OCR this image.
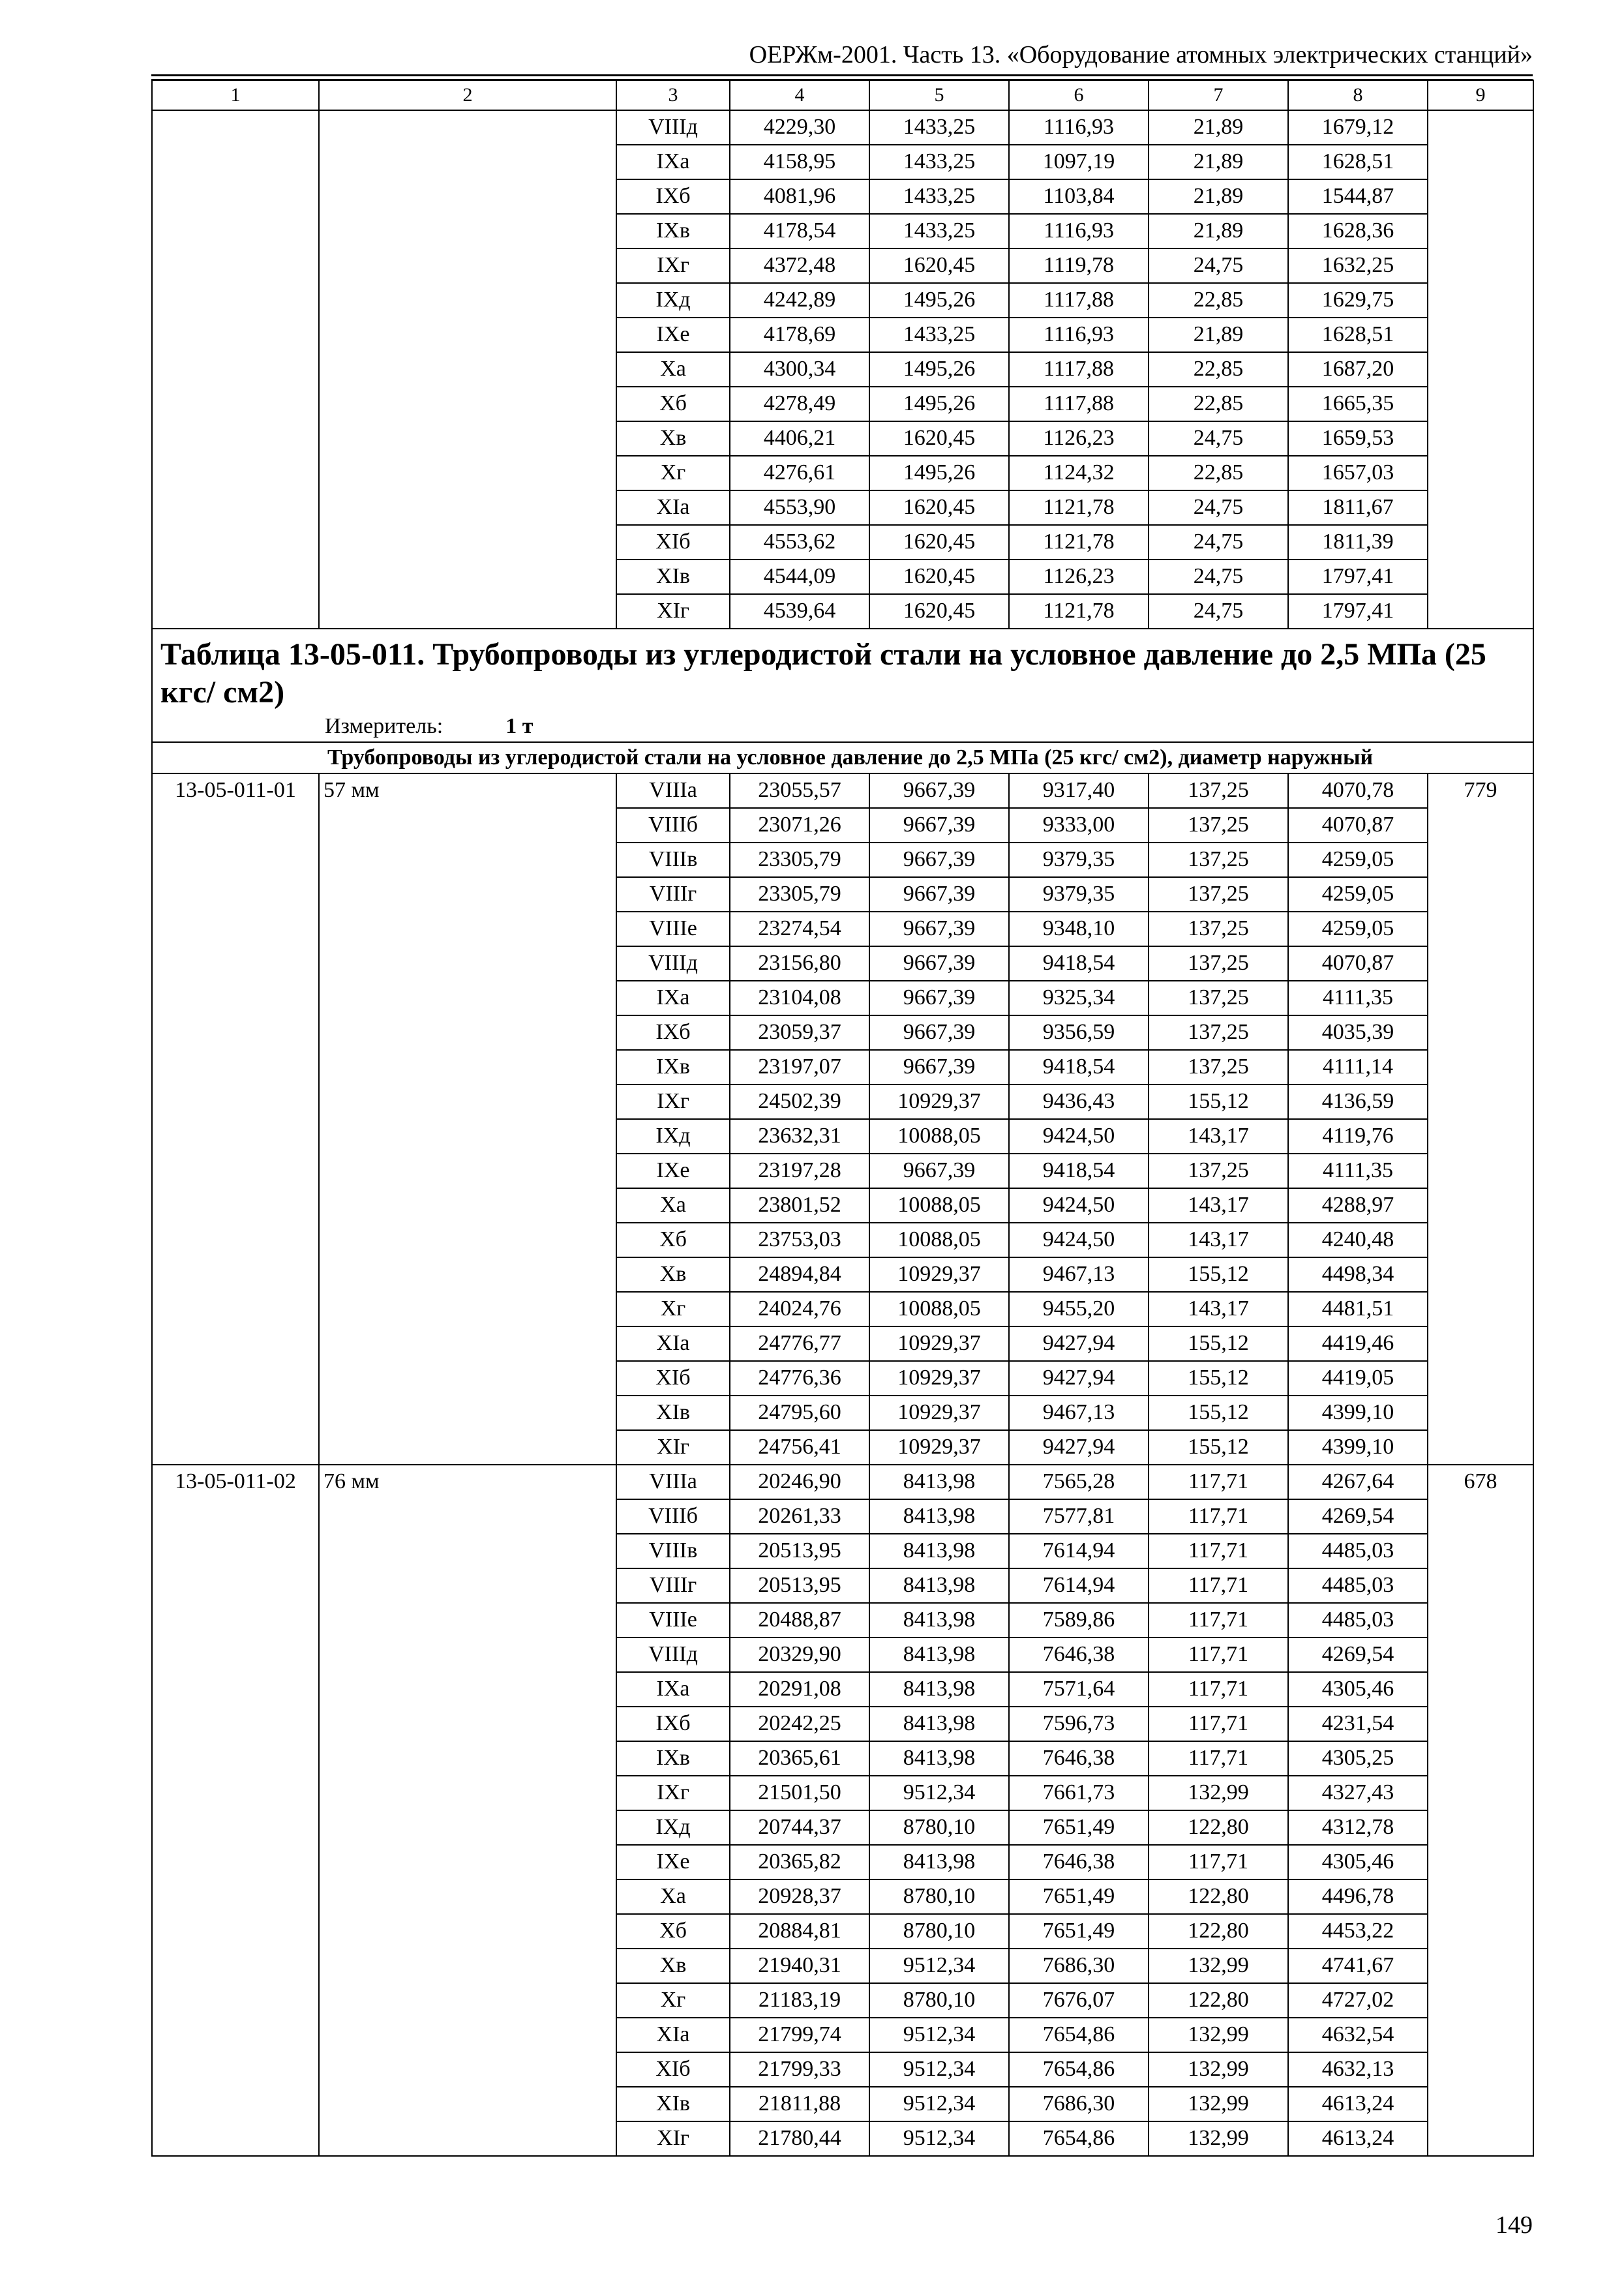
ОЕРЖм-2001. Часть 13. «Оборудование атомных электрических станций»
1	2	3	4	5	6	7	8	9
		VIIIд	4229,30	1433,25	1116,93	21,89	1679,12	
		IXа	4158,95	1433,25	1097,19	21,89	1628,51	
		IXб	4081,96	1433,25	1103,84	21,89	1544,87	
		IXв	4178,54	1433,25	1116,93	21,89	1628,36	
		IXг	4372,48	1620,45	1119,78	24,75	1632,25	
		IXд	4242,89	1495,26	1117,88	22,85	1629,75	
		IXе	4178,69	1433,25	1116,93	21,89	1628,51	
		Xа	4300,34	1495,26	1117,88	22,85	1687,20	
		Xб	4278,49	1495,26	1117,88	22,85	1665,35	
		Xв	4406,21	1620,45	1126,23	24,75	1659,53	
		Xг	4276,61	1495,26	1124,32	22,85	1657,03	
		XIа	4553,90	1620,45	1121,78	24,75	1811,67	
		XIб	4553,62	1620,45	1121,78	24,75	1811,39	
		XIв	4544,09	1620,45	1126,23	24,75	1797,41	
		XIг	4539,64	1620,45	1121,78	24,75	1797,41	
Таблица 13-05-011. Трубопроводы из углеродистой стали на условное давление до 2,5 МПа (25 кгс/ см2)								
Измеритель: 1 т								
Трубопроводы из углеродистой стали на условное давление до 2,5 МПа (25 кгс/ см2), диаметр наружный								
13-05-011-01	57 мм	VIIIа	23055,57	9667,39	9317,40	137,25	4070,78	779
		VIIIб	23071,26	9667,39	9333,00	137,25	4070,87	
		VIIIв	23305,79	9667,39	9379,35	137,25	4259,05	
		VIIIг	23305,79	9667,39	9379,35	137,25	4259,05	
		VIIIе	23274,54	9667,39	9348,10	137,25	4259,05	
		VIIIд	23156,80	9667,39	9418,54	137,25	4070,87	
		IXа	23104,08	9667,39	9325,34	137,25	4111,35	
		IXб	23059,37	9667,39	9356,59	137,25	4035,39	
		IXв	23197,07	9667,39	9418,54	137,25	4111,14	
		IXг	24502,39	10929,37	9436,43	155,12	4136,59	
		IXд	23632,31	10088,05	9424,50	143,17	4119,76	
		IXе	23197,28	9667,39	9418,54	137,25	4111,35	
		Xа	23801,52	10088,05	9424,50	143,17	4288,97	
		Xб	23753,03	10088,05	9424,50	143,17	4240,48	
		Xв	24894,84	10929,37	9467,13	155,12	4498,34	
		Xг	24024,76	10088,05	9455,20	143,17	4481,51	
		XIа	24776,77	10929,37	9427,94	155,12	4419,46	
		XIб	24776,36	10929,37	9427,94	155,12	4419,05	
		XIв	24795,60	10929,37	9467,13	155,12	4399,10	
		XIг	24756,41	10929,37	9427,94	155,12	4399,10	
13-05-011-02	76 мм	VIIIа	20246,90	8413,98	7565,28	117,71	4267,64	678
		VIIIб	20261,33	8413,98	7577,81	117,71	4269,54	
		VIIIв	20513,95	8413,98	7614,94	117,71	4485,03	
		VIIIг	20513,95	8413,98	7614,94	117,71	4485,03	
		VIIIе	20488,87	8413,98	7589,86	117,71	4485,03	
		VIIIд	20329,90	8413,98	7646,38	117,71	4269,54	
		IXа	20291,08	8413,98	7571,64	117,71	4305,46	
		IXб	20242,25	8413,98	7596,73	117,71	4231,54	
		IXв	20365,61	8413,98	7646,38	117,71	4305,25	
		IXг	21501,50	9512,34	7661,73	132,99	4327,43	
		IXд	20744,37	8780,10	7651,49	122,80	4312,78	
		IXе	20365,82	8413,98	7646,38	117,71	4305,46	
		Xа	20928,37	8780,10	7651,49	122,80	4496,78	
		Xб	20884,81	8780,10	7651,49	122,80	4453,22	
		Xв	21940,31	9512,34	7686,30	132,99	4741,67	
		Xг	21183,19	8780,10	7676,07	122,80	4727,02	
		XIа	21799,74	9512,34	7654,86	132,99	4632,54	
		XIб	21799,33	9512,34	7654,86	132,99	4632,13	
		XIв	21811,88	9512,34	7686,30	132,99	4613,24	
		XIг	21780,44	9512,34	7654,86	132,99	4613,24	
149
